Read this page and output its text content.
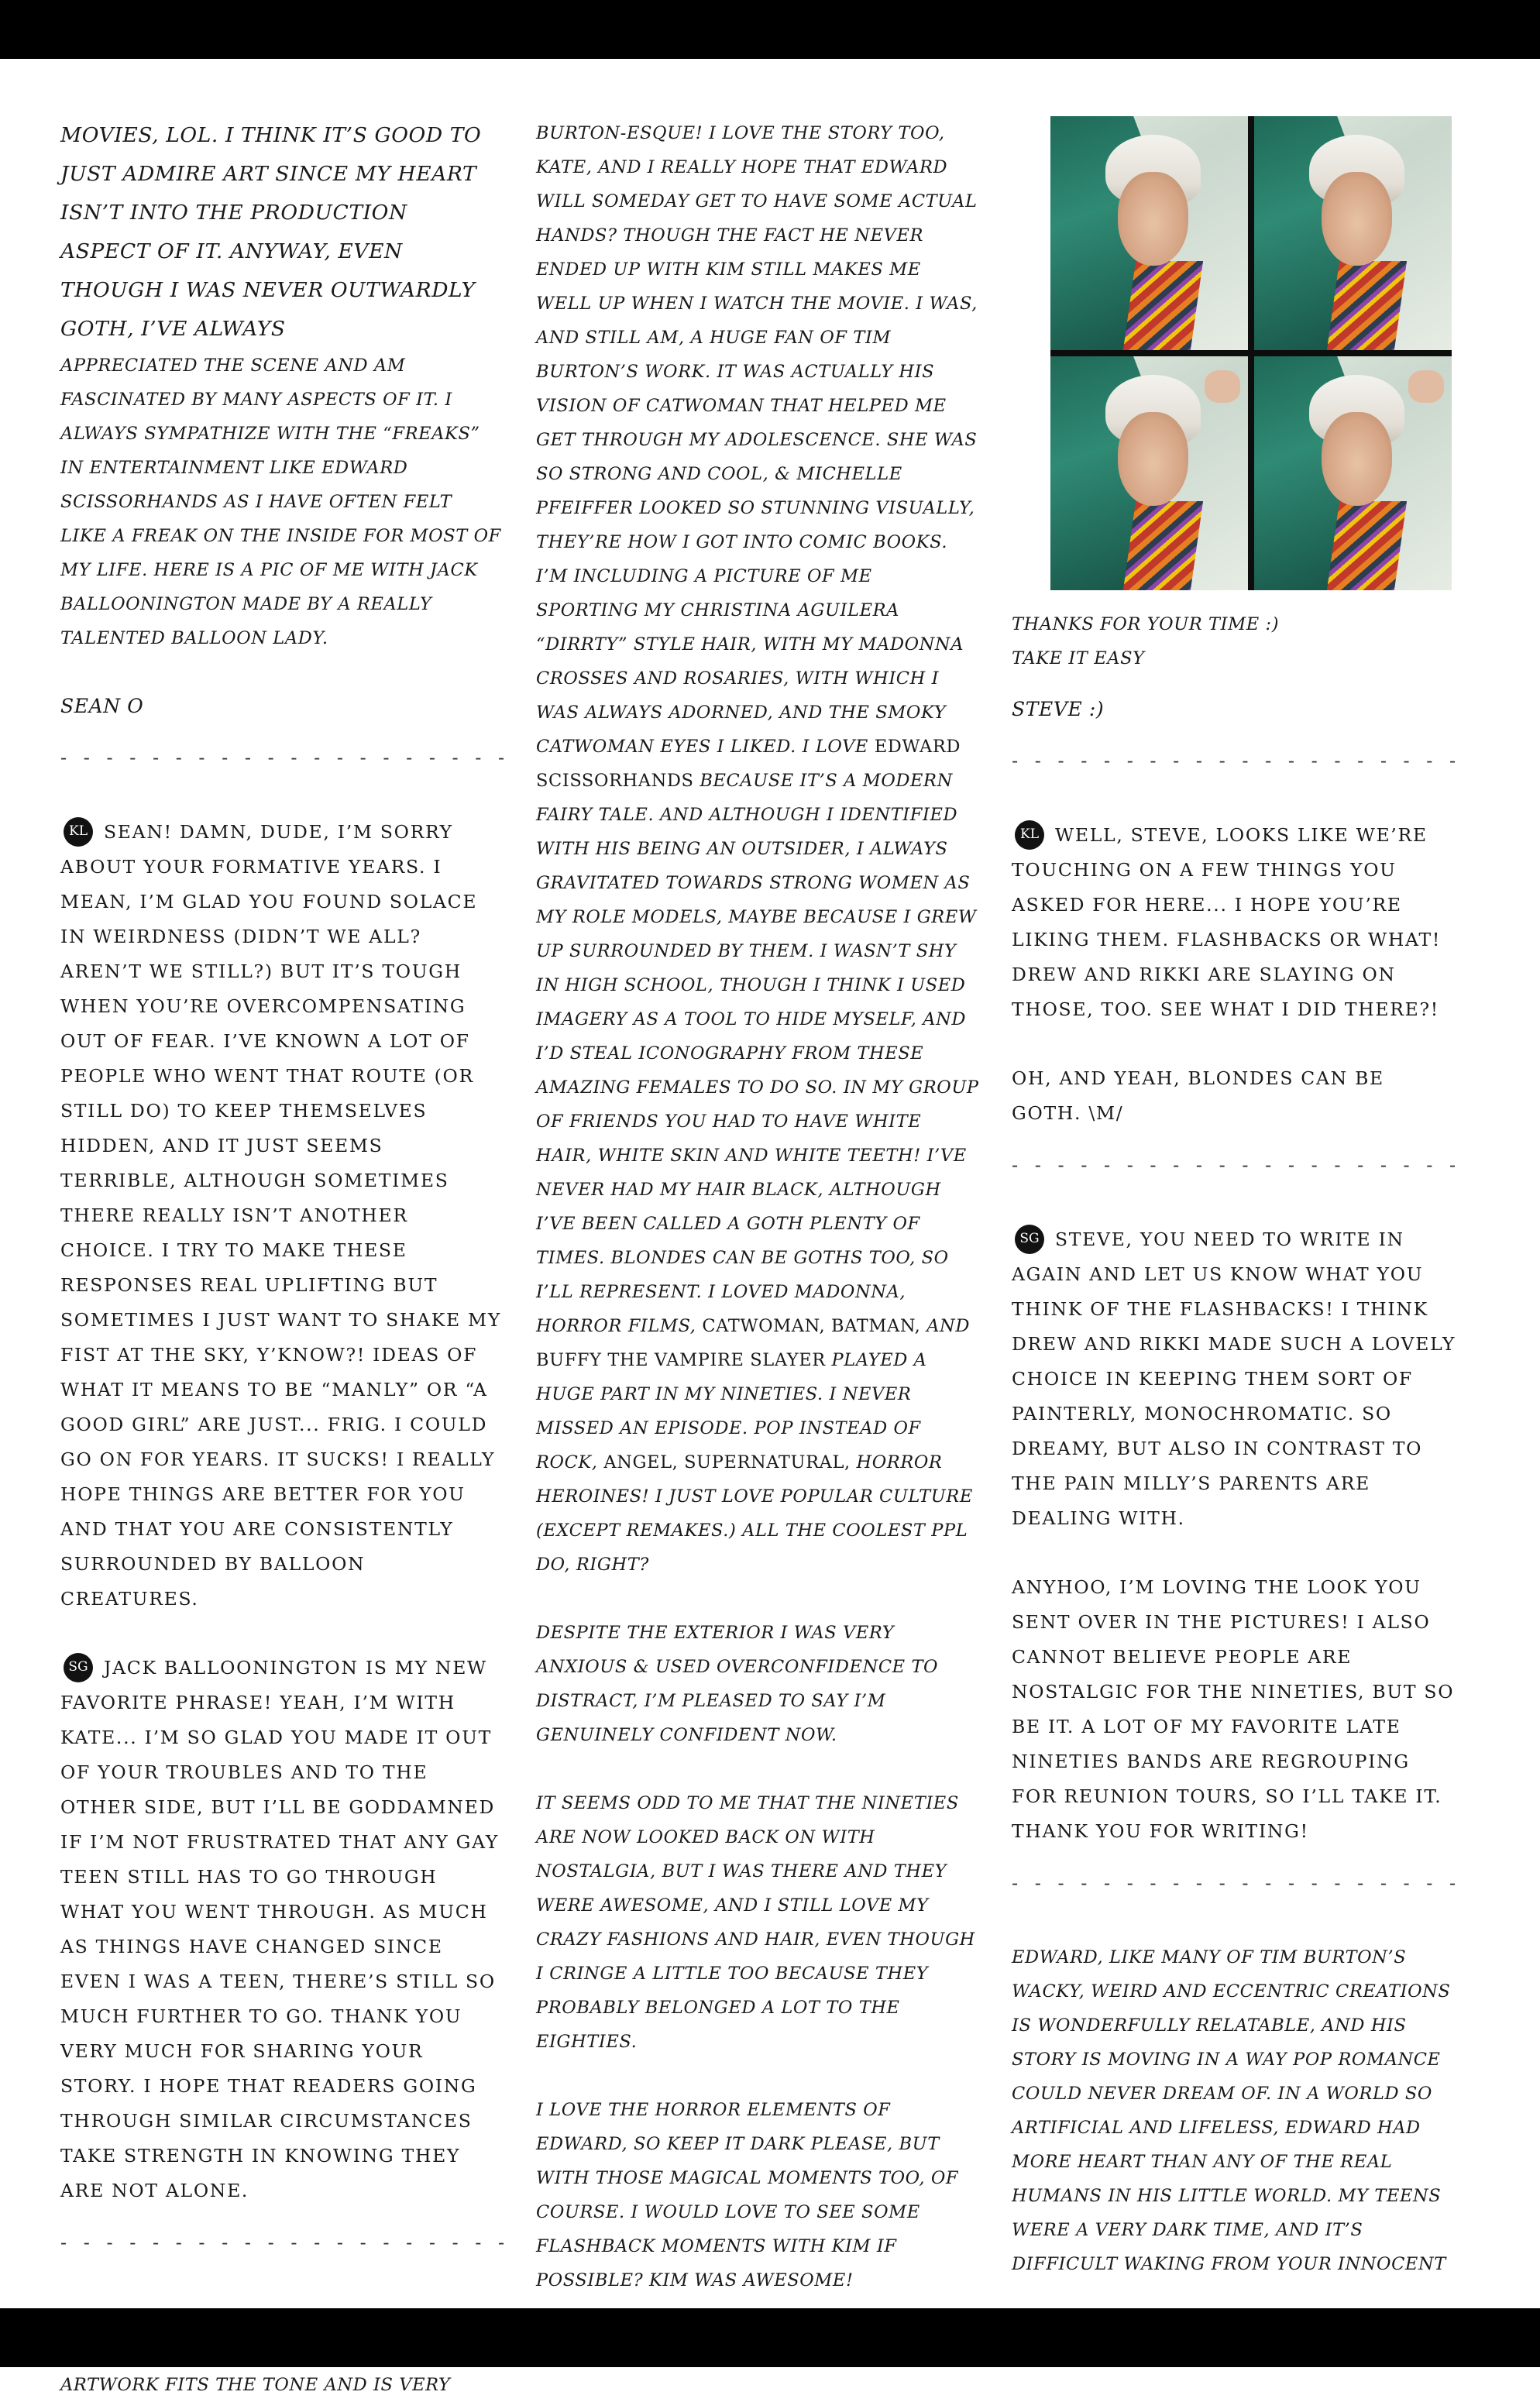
MOVIES, LOL. I THINK IT’S GOOD TO JUST ADMIRE ART SINCE MY HEART ISN’T INTO THE PRODUCTION ASPECT OF IT. ANYWAY, EVEN THOUGH I WAS NEVER OUTWARDLY GOTH, I’VE ALWAYS

APPRECIATED THE SCENE AND AM FASCINATED BY MANY ASPECTS OF IT. I ALWAYS SYMPATHIZE WITH THE “FREAKS” IN ENTERTAINMENT LIKE EDWARD SCISSORHANDS AS I HAVE OFTEN FELT LIKE A FREAK ON THE INSIDE FOR MOST OF MY LIFE. HERE IS A PIC OF ME WITH JACK BALLOONINGTON MADE BY A REALLY TALENTED BALLOON LADY.

SEAN O

- - - - - - - - - - - - - - - - - - - -

KL SEAN! DAMN, DUDE, I’M SORRY ABOUT YOUR FORMATIVE YEARS. I MEAN, I’M GLAD YOU FOUND SOLACE IN WEIRDNESS (DIDN’T WE ALL? AREN’T WE STILL?) BUT IT’S TOUGH WHEN YOU’RE OVERCOMPENSATING OUT OF FEAR. I’VE KNOWN A LOT OF PEOPLE WHO WENT THAT ROUTE (OR STILL DO) TO KEEP THEMSELVES HIDDEN, AND IT JUST SEEMS TERRIBLE, ALTHOUGH SOMETIMES THERE REALLY ISN’T ANOTHER CHOICE. I TRY TO MAKE THESE RESPONSES REAL UPLIFTING BUT SOMETIMES I JUST WANT TO SHAKE MY FIST AT THE SKY, Y’KNOW?! IDEAS OF WHAT IT MEANS TO BE “MANLY” OR “A GOOD GIRL” ARE JUST... FRIG. I COULD GO ON FOR YEARS. IT SUCKS! I REALLY HOPE THINGS ARE BETTER FOR YOU AND THAT YOU ARE CONSISTENTLY SURROUNDED BY BALLOON CREATURES.

SG JACK BALLOONINGTON IS MY NEW FAVORITE PHRASE! YEAH, I’M WITH KATE... I’M SO GLAD YOU MADE IT OUT OF YOUR TROUBLES AND TO THE OTHER SIDE, BUT I’LL BE GODDAMNED IF I’M NOT FRUSTRATED THAT ANY GAY TEEN STILL HAS TO GO THROUGH WHAT YOU WENT THROUGH. AS MUCH AS THINGS HAVE CHANGED SINCE EVEN I WAS A TEEN, THERE’S STILL SO MUCH FURTHER TO GO. THANK YOU VERY MUCH FOR SHARING YOUR STORY. I HOPE THAT READERS GOING THROUGH SIMILAR CIRCUMSTANCES TAKE STRENGTH IN KNOWING THEY ARE NOT ALONE.

- - - - - - - - - - - - - - - - - - - -

ARTWORK FITS THE TONE AND IS VERY

BURTON-ESQUE! I LOVE THE STORY TOO, KATE, AND I REALLY HOPE THAT EDWARD WILL SOMEDAY GET TO HAVE SOME ACTUAL HANDS? THOUGH THE FACT HE NEVER ENDED UP WITH KIM STILL MAKES ME WELL UP WHEN I WATCH THE MOVIE. I WAS, AND STILL AM, A HUGE FAN OF TIM BURTON’S WORK. IT WAS ACTUALLY HIS VISION OF CATWOMAN THAT HELPED ME GET THROUGH MY ADOLESCENCE. SHE WAS SO STRONG AND COOL, & MICHELLE PFEIFFER LOOKED SO STUNNING VISUALLY, THEY’RE HOW I GOT INTO COMIC BOOKS. I’M INCLUDING A PICTURE OF ME SPORTING MY CHRISTINA AGUILERA “DIRRTY” STYLE HAIR, WITH MY MADONNA CROSSES AND ROSARIES, WITH WHICH I WAS ALWAYS ADORNED, AND THE SMOKY CATWOMAN EYES I LIKED. I LOVE EDWARD SCISSORHANDS BECAUSE IT’S A MODERN FAIRY TALE. AND ALTHOUGH I IDENTIFIED WITH HIS BEING AN OUTSIDER, I ALWAYS GRAVITATED TOWARDS STRONG WOMEN AS MY ROLE MODELS, MAYBE BECAUSE I GREW UP SURROUNDED BY THEM. I WASN’T SHY IN HIGH SCHOOL, THOUGH I THINK I USED IMAGERY AS A TOOL TO HIDE MYSELF, AND I’D STEAL ICONOGRAPHY FROM THESE AMAZING FEMALES TO DO SO. IN MY GROUP OF FRIENDS YOU HAD TO HAVE WHITE HAIR, WHITE SKIN AND WHITE TEETH! I’VE NEVER HAD MY HAIR BLACK, ALTHOUGH I’VE BEEN CALLED A GOTH PLENTY OF TIMES. BLONDES CAN BE GOTHS TOO, SO I’LL REPRESENT. I LOVED MADONNA, HORROR FILMS, CATWOMAN, BATMAN, AND BUFFY THE VAMPIRE SLAYER PLAYED A HUGE PART IN MY NINETIES. I NEVER MISSED AN EPISODE. POP INSTEAD OF ROCK, ANGEL, SUPERNATURAL, HORROR HEROINES! I JUST LOVE POPULAR CULTURE (EXCEPT REMAKES.) ALL THE COOLEST PPL DO, RIGHT?

DESPITE THE EXTERIOR I WAS VERY ANXIOUS & USED OVERCONFIDENCE TO DISTRACT, I’M PLEASED TO SAY I’M GENUINELY CONFIDENT NOW.

IT SEEMS ODD TO ME THAT THE NINETIES ARE NOW LOOKED BACK ON WITH NOSTALGIA, BUT I WAS THERE AND THEY WERE AWESOME, AND I STILL LOVE MY CRAZY FASHIONS AND HAIR, EVEN THOUGH I CRINGE A LITTLE TOO BECAUSE THEY PROBABLY BELONGED A LOT TO THE EIGHTIES.

I LOVE THE HORROR ELEMENTS OF EDWARD, SO KEEP IT DARK PLEASE, BUT WITH THOSE MAGICAL MOMENTS TOO, OF COURSE. I WOULD LOVE TO SEE SOME FLASHBACK MOMENTS WITH KIM IF POSSIBLE? KIM WAS AWESOME!

THANKS FOR YOUR TIME :)

TAKE IT EASY

STEVE :)

- - - - - - - - - - - - - - - - - - - -

KL WELL, STEVE, LOOKS LIKE WE’RE TOUCHING ON A FEW THINGS YOU ASKED FOR HERE... I HOPE YOU’RE LIKING THEM. FLASHBACKS OR WHAT! DREW AND RIKKI ARE SLAYING ON THOSE, TOO. SEE WHAT I DID THERE?!

OH, AND YEAH, BLONDES CAN BE GOTH. \M/

- - - - - - - - - - - - - - - - - - - -

SG STEVE, YOU NEED TO WRITE IN AGAIN AND LET US KNOW WHAT YOU THINK OF THE FLASHBACKS! I THINK DREW AND RIKKI MADE SUCH A LOVELY CHOICE IN KEEPING THEM SORT OF PAINTERLY, MONOCHROMATIC. SO DREAMY, BUT ALSO IN CONTRAST TO THE PAIN MILLY’S PARENTS ARE DEALING WITH.

ANYHOO, I’M LOVING THE LOOK YOU SENT OVER IN THE PICTURES! I ALSO CANNOT BELIEVE PEOPLE ARE NOSTALGIC FOR THE NINETIES, BUT SO BE IT. A LOT OF MY FAVORITE LATE NINETIES BANDS ARE REGROUPING FOR REUNION TOURS, SO I’LL TAKE IT. THANK YOU FOR WRITING!

- - - - - - - - - - - - - - - - - - - -

EDWARD, LIKE MANY OF TIM BURTON’S WACKY, WEIRD AND ECCENTRIC CREATIONS IS WONDERFULLY RELATABLE, AND HIS STORY IS MOVING IN A WAY POP ROMANCE COULD NEVER DREAM OF. IN A WORLD SO ARTIFICIAL AND LIFELESS, EDWARD HAD MORE HEART THAN ANY OF THE REAL HUMANS IN HIS LITTLE WORLD. MY TEENS WERE A VERY DARK TIME, AND IT’S DIFFICULT WAKING FROM YOUR INNOCENT
